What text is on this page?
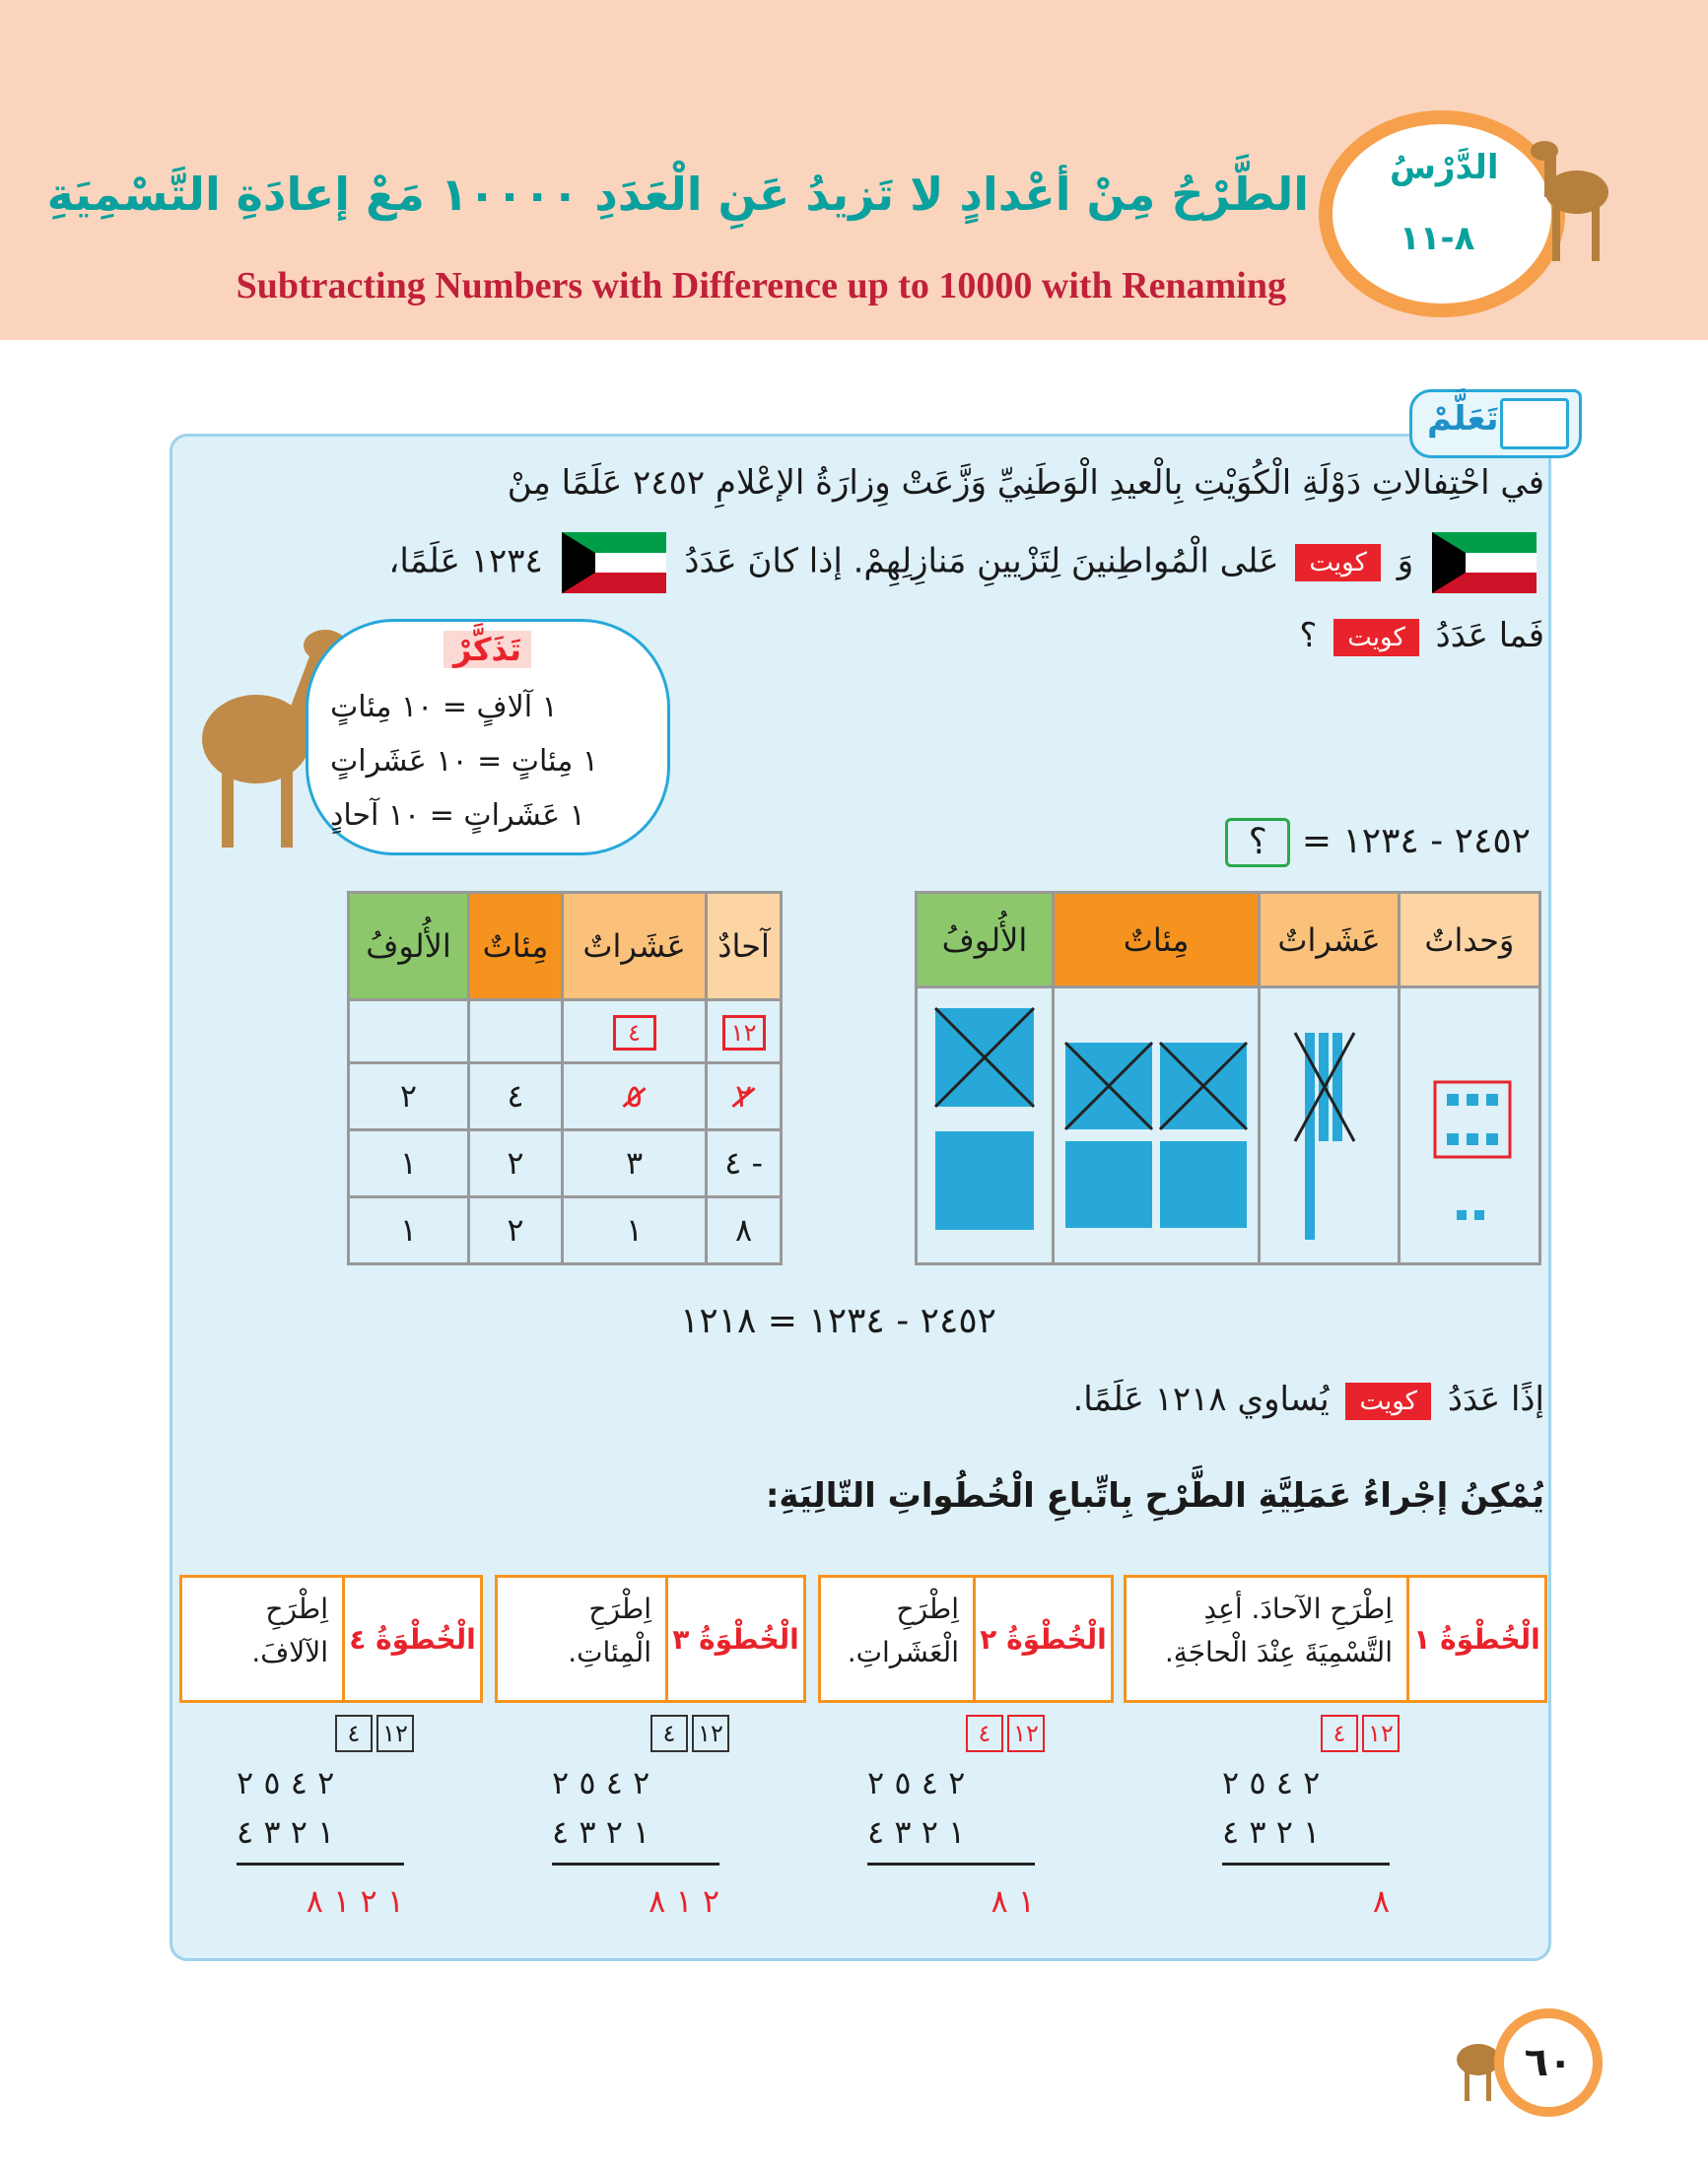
الطَّرْحُ مِنْ أعْدادٍ لا تَزيدُ عَنِ الْعَدَدِ ١٠٠٠٠ مَعْ إعادَةِ التَّسْمِيَةِ
Subtracting Numbers with Difference up to 10000 with Renaming
الدَّرْسُ
٨-١١
تَعَلَّمْ
في احْتِفالاتِ دَوْلَةِ الْكُوَيْتِ بِالْعيدِ الْوَطَنِيِّ وَزَّعَتْ وِزارَةُ الإعْلامِ ٢٤٥٢ عَلَمًا مِنْ
وَ كويت عَلى الْمُواطِنينَ لِتَزْيينِ مَنازِلِهِمْ. إذا كانَ عَدَدُ  ١٢٣٤ عَلَمًا،
فَما عَدَدُ كويت ؟
تَذَكَّرْ
١ آلافٍ = ١٠ مِئاتٍ
١ مِئاتٍ = ١٠ عَشَراتٍ
١ عَشَراتٍ = ١٠ آحادٍ
٢٤٥٢ - ١٢٣٤ = ؟
الأُلوفُ	مِئاتٌ	عَشَراتٌ	وَحداتٌ

الأُلوفُ	مِئاتٌ	عَشَراتٌ	آحادٌ
		٤	١٢
٢	٤	٥	٢
١	٢	٣	٤ -
١	٢	١	٨
٢٤٥٢ - ١٢٣٤ = ١٢١٨
إذًا عَدَدُ كويت يُساوي ١٢١٨ عَلَمًا.
يُمْكِنُ إجْراءُ عَمَلِيَّةِ الطَّرْحِ بِاتِّباعِ الْخُطُواتِ التّالِيَةِ:
الْخُطْوَةُ ١
اِطْرَحِ الآحادَ. أعِدِ التَّسْمِيَةَ عِنْدَ الْحاجَةِ.
الْخُطْوَةُ ٢
اِطْرَحِ الْعَشَراتِ.
الْخُطْوَةُ ٣
اِطْرَحِ الْمِئاتِ.
الْخُطْوَةُ ٤
اِطْرَحِ الآلافَ.
٤ ١٢
٢ ٤ ٥ ٢
١ ٢ ٣ ٤
٨
٤ ١٢
٢ ٤ ٥ ٢
١ ٢ ٣ ٤
١ ٨
٤ ١٢
٢ ٤ ٥ ٢
١ ٢ ٣ ٤
٢ ١ ٨
٤ ١٢
٢ ٤ ٥ ٢
١ ٢ ٣ ٤
١ ٢ ١ ٨
٦٠
